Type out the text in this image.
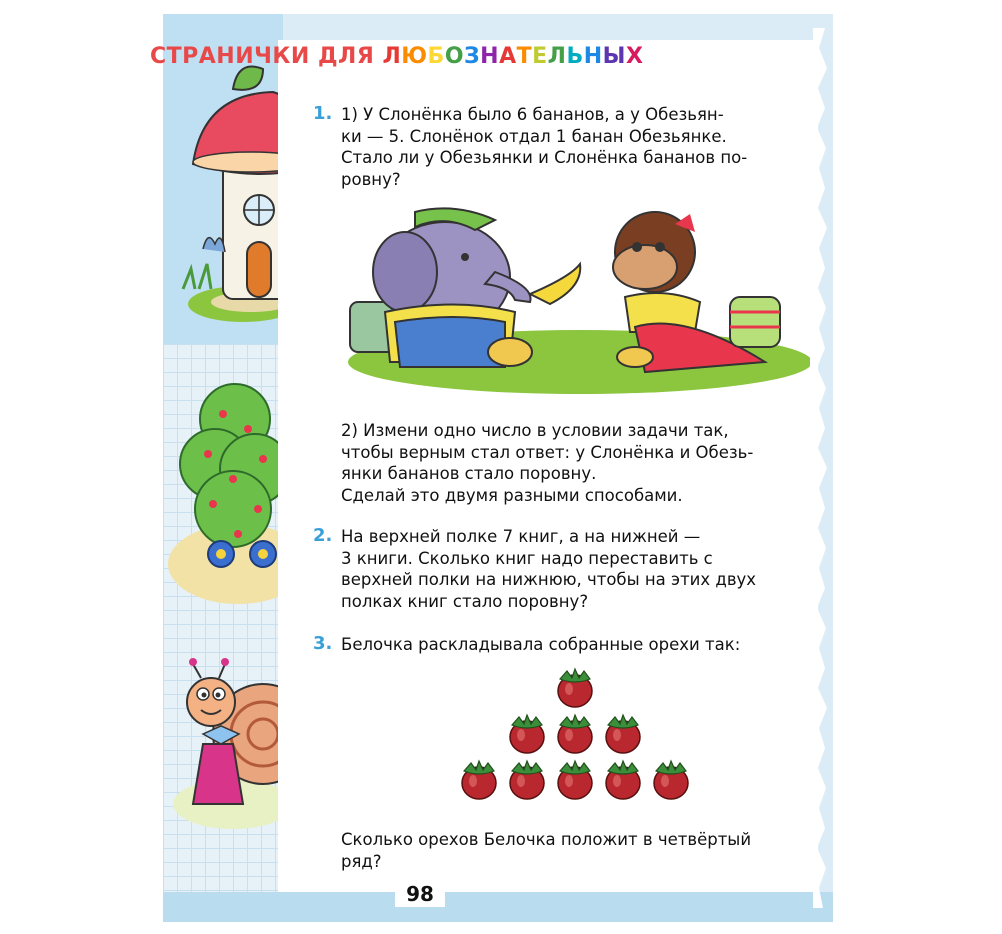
СТРАНИЧКИ ДЛЯ ЛЮБОЗНАТЕЛЬНЫХ
1. 1) У Слонёнка было 6 бананов, а у Обезьян-
ки — 5. Слонёнок отдал 1 банан Обезьянке.
Стало ли у Обезьянки и Слонёнка бананов по-
ровну?
2) Измени одно число в условии задачи так,
чтобы верным стал ответ: у Слонёнка и Обезь-
янки бананов стало поровну.
Сделай это двумя разными способами.
2. На верхней полке 7 книг, а на нижней —
3 книги. Сколько книг надо переставить с
верхней полки на нижнюю, чтобы на этих двух
полках книг стало поровну?
3. Белочка раскладывала собранные орехи так:
Сколько орехов Белочка положит в четвёртый
ряд?
98
